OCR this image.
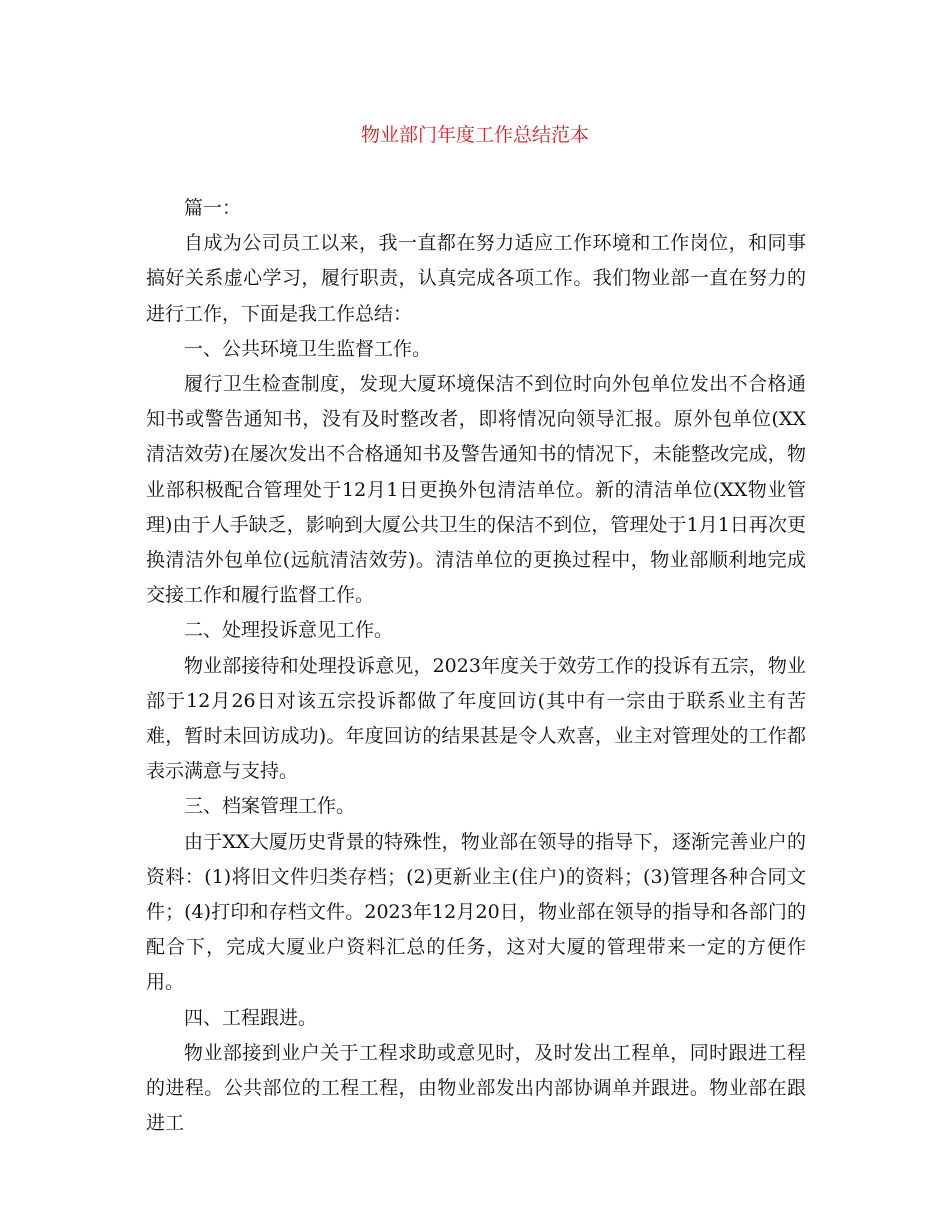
物业部门年度工作总结范本

篇一：

自成为公司员工以来，我一直都在努力适应工作环境和工作岗位，和同事搞好关系虚心学习，履行职责，认真完成各项工作。我们物业部一直在努力的进行工作，下面是我工作总结：

一、公共环境卫生监督工作。

履行卫生检查制度，发现大厦环境保洁不到位时向外包单位发出不合格通知书或警告通知书，没有及时整改者，即将情况向领导汇报。原外包单位(XX清洁效劳)在屡次发出不合格通知书及警告通知书的情况下，未能整改完成，物业部积极配合管理处于12月1日更换外包清洁单位。新的清洁单位(XX物业管理)由于人手缺乏，影响到大厦公共卫生的保洁不到位，管理处于1月1日再次更换清洁外包单位(远航清洁效劳)。清洁单位的更换过程中，物业部顺利地完成交接工作和履行监督工作。

二、处理投诉意见工作。

物业部接待和处理投诉意见，2023年度关于效劳工作的投诉有五宗，物业部于12月26日对该五宗投诉都做了年度回访(其中有一宗由于联系业主有苦难，暂时未回访成功)。年度回访的结果甚是令人欢喜，业主对管理处的工作都表示满意与支持。

三、档案管理工作。

由于XX大厦历史背景的特殊性，物业部在领导的指导下，逐渐完善业户的资料：(1)将旧文件归类存档；(2)更新业主(住户)的资料；(3)管理各种合同文件；(4)打印和存档文件。2023年12月20日，物业部在领导的指导和各部门的配合下，完成大厦业户资料汇总的任务，这对大厦的管理带来一定的方便作用。

四、工程跟进。

物业部接到业户关于工程求助或意见时，及时发出工程单，同时跟进工程的进程。公共部位的工程工程，由物业部发出内部协调单并跟进。物业部在跟进工
